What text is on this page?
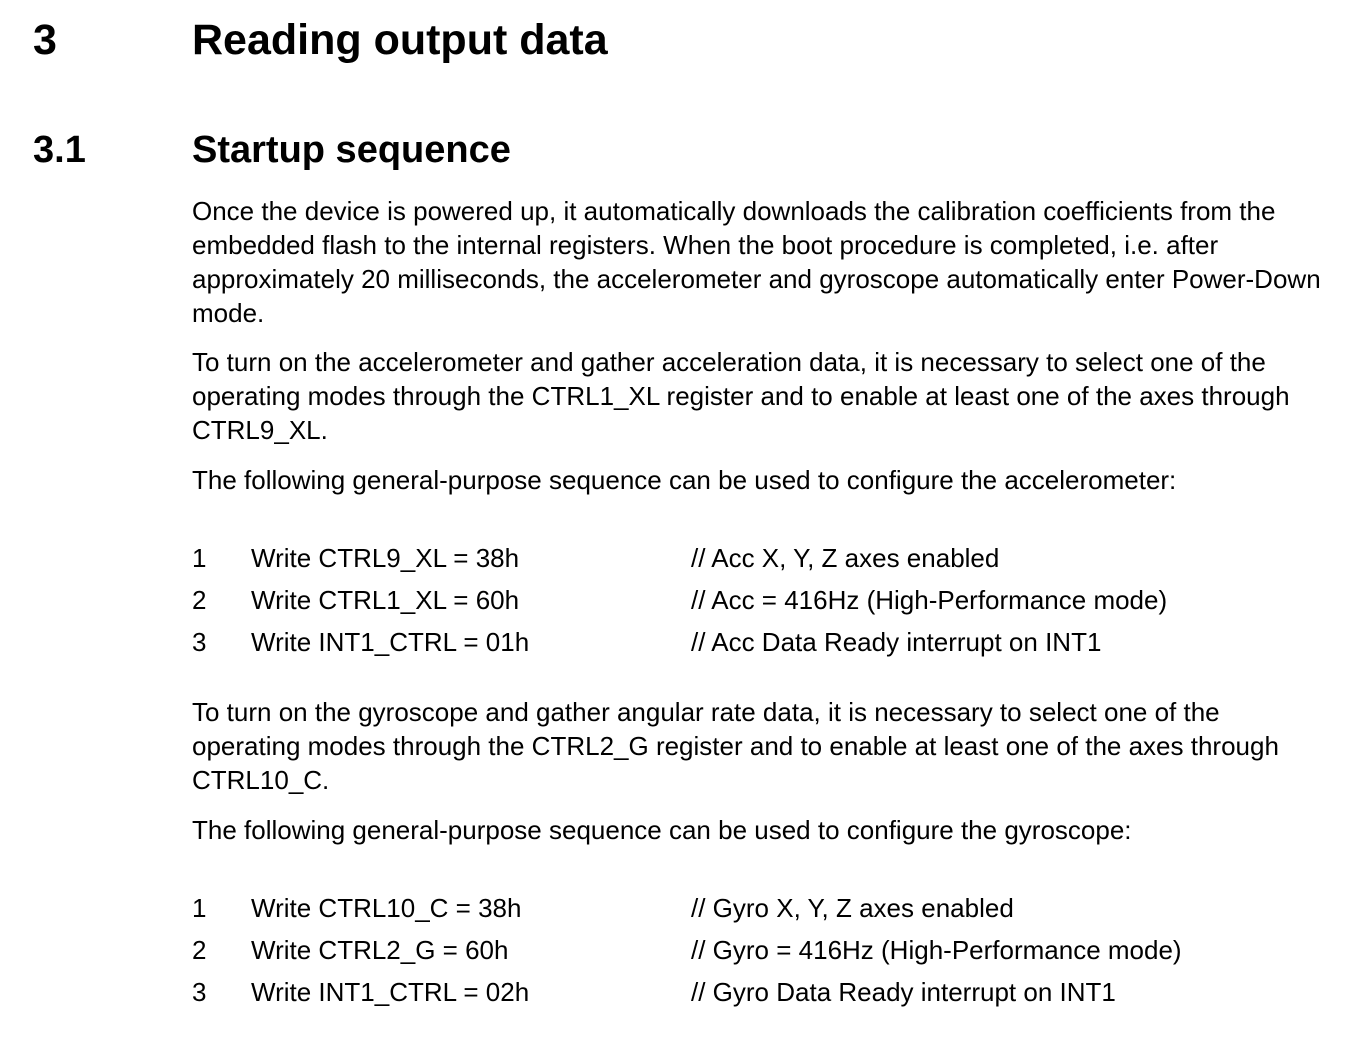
3	Reading output data
3.1	Startup sequence

Once the device is powered up, it automatically downloads the calibration coefficients from the embedded flash to the internal registers. When the boot procedure is completed, i.e. after approximately 20 milliseconds, the accelerometer and gyroscope automatically enter Power-Down mode.

To turn on the accelerometer and gather acceleration data, it is necessary to select one of the operating modes through the CTRL1_XL register and to enable at least one of the axes through CTRL9_XL.

The following general-purpose sequence can be used to configure the accelerometer:

1 Write CTRL9_XL = 38h	// Acc X, Y, Z axes enabled
2 Write CTRL1_XL = 60h	// Acc = 416Hz (High-Performance mode)
3 Write INT1_CTRL = 01h	// Acc Data Ready interrupt on INT1

To turn on the gyroscope and gather angular rate data, it is necessary to select one of the operating modes through the CTRL2_G register and to enable at least one of the axes through CTRL10_C.

The following general-purpose sequence can be used to configure the gyroscope:

1 Write CTRL10_C = 38h	// Gyro X, Y, Z axes enabled
2 Write CTRL2_G = 60h	// Gyro = 416Hz (High-Performance mode)
3 Write INT1_CTRL = 02h	// Gyro Data Ready interrupt on INT1
